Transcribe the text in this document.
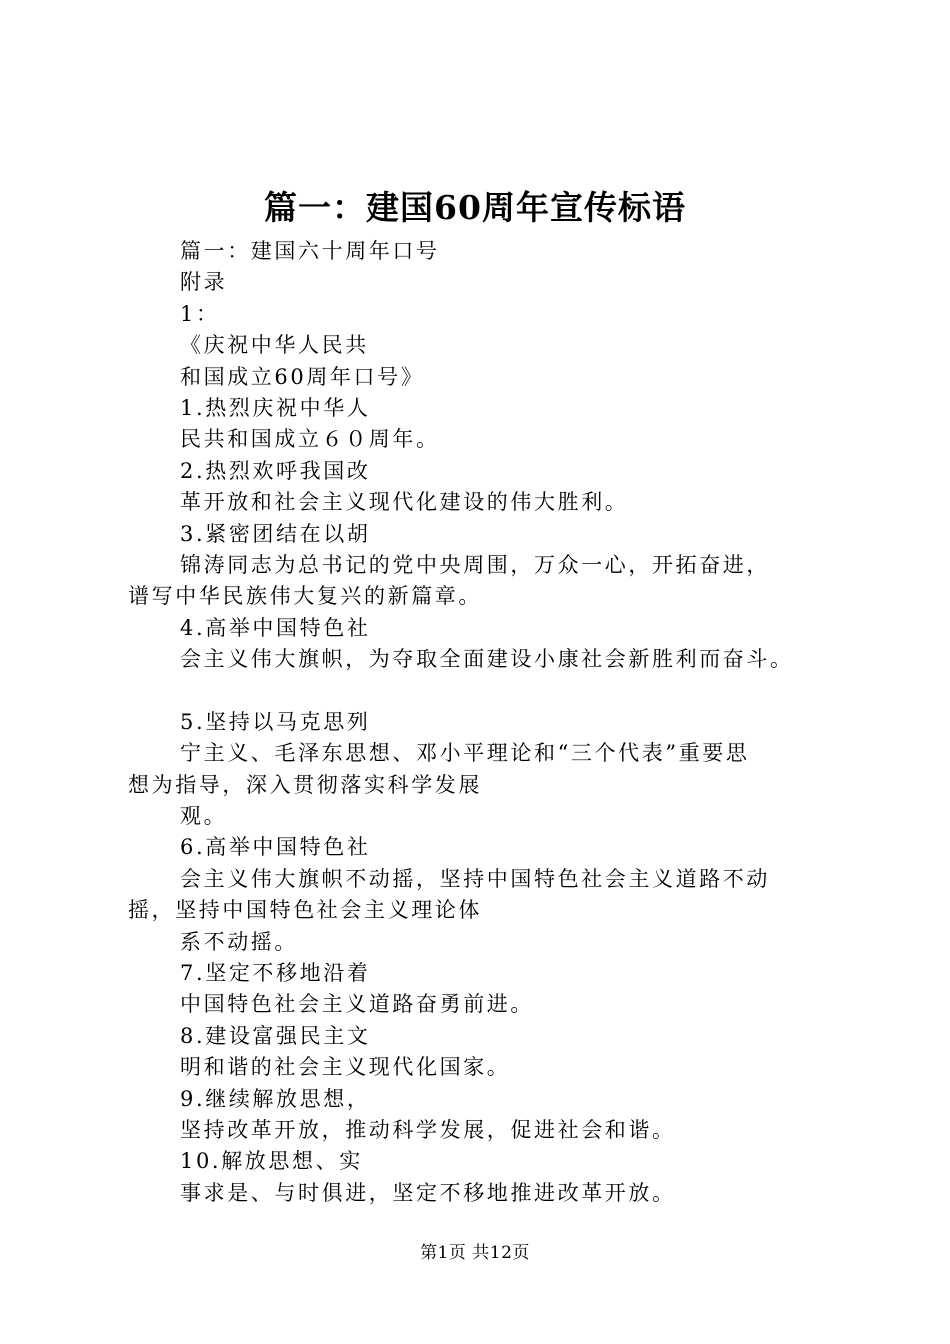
篇一：建国60周年宣传标语
篇一：建国六十周年口号
附录
1：
《庆祝中华人民共
和国成立60周年口号》
1.热烈庆祝中华人
民共和国成立６０周年。
2.热烈欢呼我国改
革开放和社会主义现代化建设的伟大胜利。
3.紧密团结在以胡
锦涛同志为总书记的党中央周围，万众一心，开拓奋进，
谱写中华民族伟大复兴的新篇章。
4.高举中国特色社
会主义伟大旗帜，为夺取全面建设小康社会新胜利而奋斗。
5.坚持以马克思列
宁主义、毛泽东思想、邓小平理论和“三个代表”重要思
想为指导，深入贯彻落实科学发展
观。
6.高举中国特色社
会主义伟大旗帜不动摇，坚持中国特色社会主义道路不动
摇，坚持中国特色社会主义理论体
系不动摇。
7.坚定不移地沿着
中国特色社会主义道路奋勇前进。
8.建设富强民主文
明和谐的社会主义现代化国家。
9.继续解放思想，
坚持改革开放，推动科学发展，促进社会和谐。
10.解放思想、实
事求是、与时俱进，坚定不移地推进改革开放。
第1页 共12页
